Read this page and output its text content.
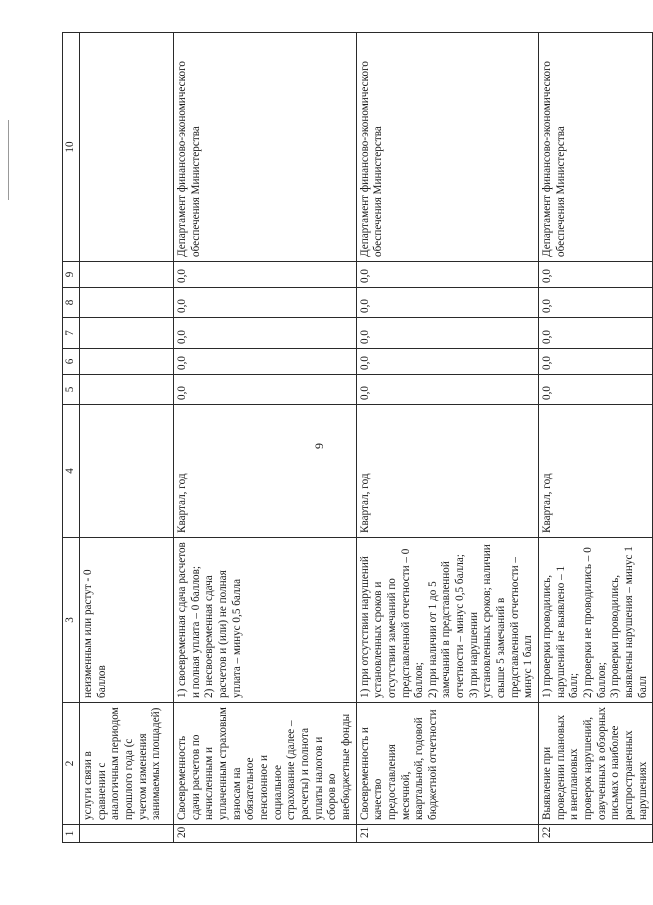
9
1	2	3	4	5	6	7	8	9	10
	услуги связи в сравнении с аналогичным периодом прошлого года (с учетом изменения занимаемых площадей)	неизменным или растут - 0 баллов							
20	Своевременность сдачи расчетов по начисленным и уплаченным страховым взносам на обязательное пенсионное и социальное страхование (далее – расчеты) и полнота уплаты налогов и сборов во внебюджетные фонды	1) своевременная сдача расчетов и полная уплата – 0 баллов; 2) несвоевременная сдача расчетов и (или) не полная уплата – минус 0,5 балла	Квартал, год	0,0	0,0	0,0	0,0	0,0	Департамент финансово-экономического обеспечения Министерства
21	Своевременность и качество предоставления месячной, квартальной, годовой бюджетной отчетности	1) при отсутствии нарушений установленных сроков и отсутствии замечаний по представленной отчетности – 0 баллов; 2) при наличии от 1 до 5 замечаний в представленной отчетности – минус 0,5 балла; 3) при нарушении установленных сроков; наличии свыше 5 замечаний в представленной отчетности – минус 1 балл	Квартал, год	0,0	0,0	0,0	0,0	0,0	Департамент финансово-экономического обеспечения Министерства
22	Выявление при проведении плановых и внеплановых проверок нарушений, озвученных в обзорных письмах о наиболее распространенных нарушениях	1) проверки проводились, нарушений не выявлено – 1 балл; 2) проверки не проводились – 0 баллов; 3) проверки проводились, выявлены нарушения – минус 1 балл	Квартал, год	0,0	0,0	0,0	0,0	0,0	Департамент финансово-экономического обеспечения Министерства
